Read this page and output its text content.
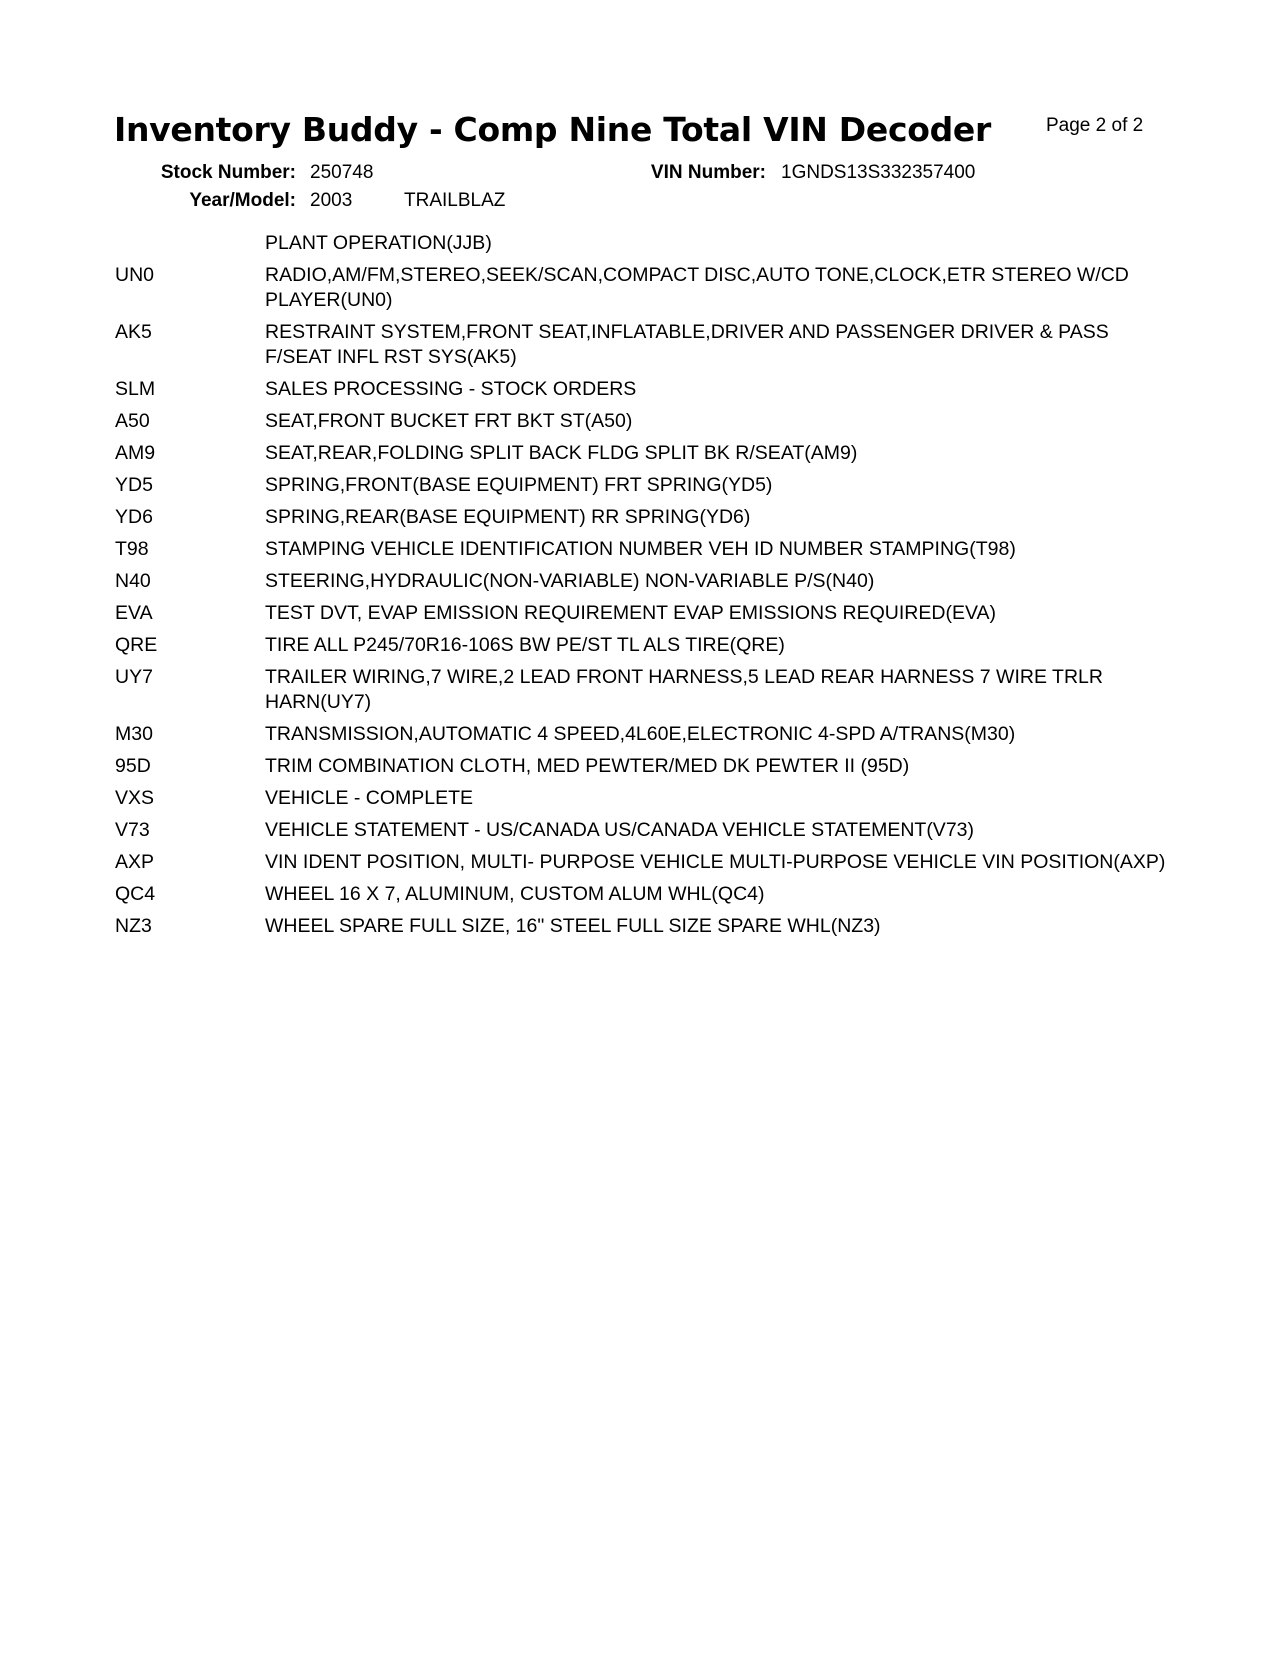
Inventory Buddy - Comp Nine Total VIN Decoder	Page 2 of 2
Stock Number: 250748	VIN Number: 1GNDS13S332357400
Year/Model: 2003	TRAILBLAZ
PLANT OPERATION(JJB)
UN0	RADIO,AM/FM,STEREO,SEEK/SCAN,COMPACT DISC,AUTO TONE,CLOCK,ETR STEREO W/CD PLAYER(UN0)
AK5	RESTRAINT SYSTEM,FRONT SEAT,INFLATABLE,DRIVER AND PASSENGER DRIVER & PASS F/SEAT INFL RST SYS(AK5)
SLM	SALES PROCESSING - STOCK ORDERS
A50	SEAT,FRONT BUCKET FRT BKT ST(A50)
AM9	SEAT,REAR,FOLDING SPLIT BACK FLDG SPLIT BK R/SEAT(AM9)
YD5	SPRING,FRONT(BASE EQUIPMENT) FRT SPRING(YD5)
YD6	SPRING,REAR(BASE EQUIPMENT) RR SPRING(YD6)
T98	STAMPING VEHICLE IDENTIFICATION NUMBER VEH ID NUMBER STAMPING(T98)
N40	STEERING,HYDRAULIC(NON-VARIABLE) NON-VARIABLE P/S(N40)
EVA	TEST DVT, EVAP EMISSION REQUIREMENT EVAP EMISSIONS REQUIRED(EVA)
QRE	TIRE ALL P245/70R16-106S BW PE/ST TL ALS TIRE(QRE)
UY7	TRAILER WIRING,7 WIRE,2 LEAD FRONT HARNESS,5 LEAD REAR HARNESS 7 WIRE TRLR HARN(UY7)
M30	TRANSMISSION,AUTOMATIC 4 SPEED,4L60E,ELECTRONIC 4-SPD A/TRANS(M30)
95D	TRIM COMBINATION CLOTH, MED PEWTER/MED DK PEWTER II (95D)
VXS	VEHICLE - COMPLETE
V73	VEHICLE STATEMENT - US/CANADA US/CANADA VEHICLE STATEMENT(V73)
AXP	VIN IDENT POSITION, MULTI- PURPOSE VEHICLE MULTI-PURPOSE VEHICLE VIN POSITION(AXP)
QC4	WHEEL 16 X 7, ALUMINUM, CUSTOM ALUM WHL(QC4)
NZ3	WHEEL SPARE FULL SIZE, 16" STEEL FULL SIZE SPARE WHL(NZ3)
